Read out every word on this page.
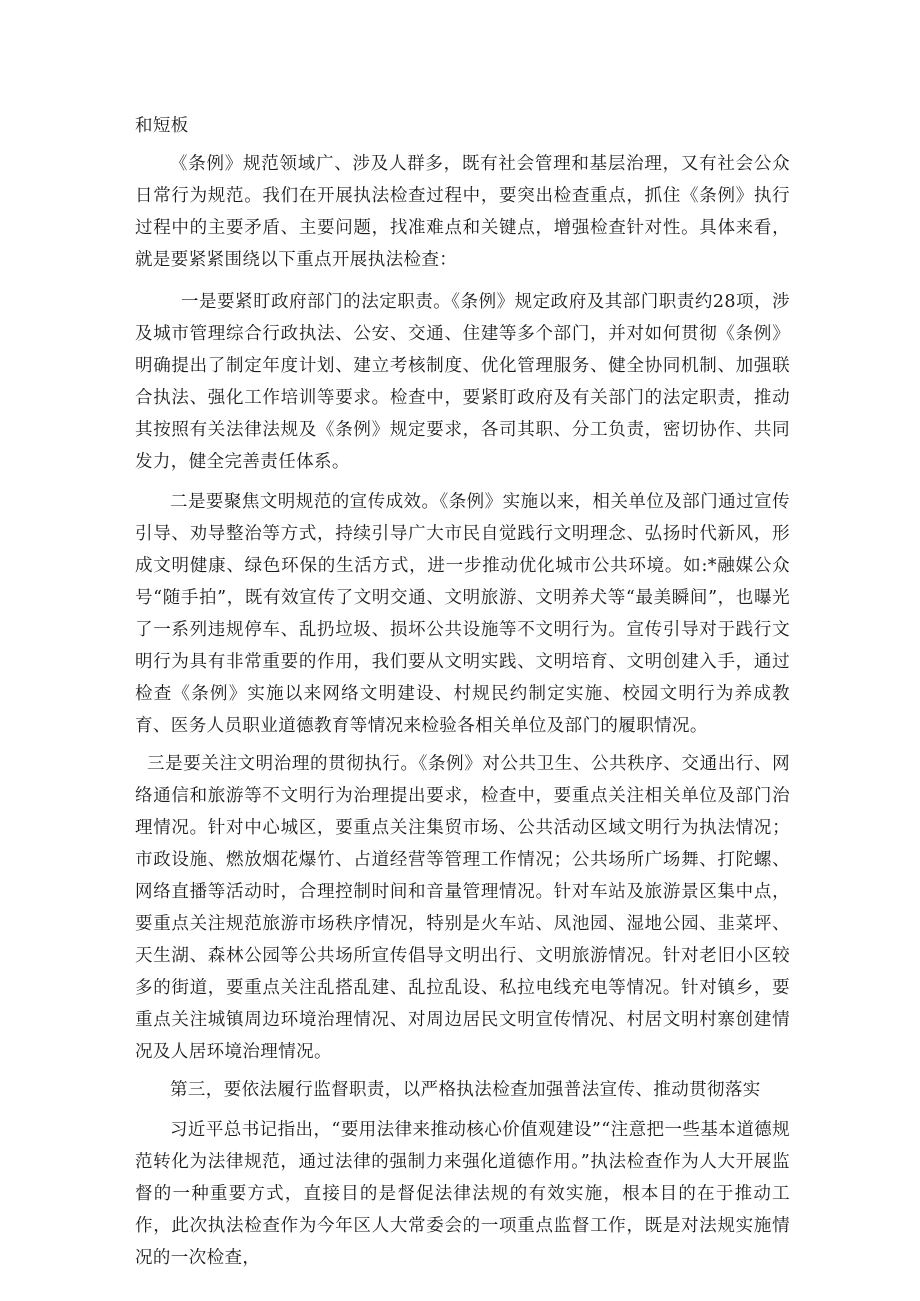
和短板

《条例》规范领域广、涉及人群多，既有社会管理和基层治理，又有社会公众日常行为规范。我们在开展执法检查过程中，要突出检查重点，抓住《条例》执行过程中的主要矛盾、主要问题，找准难点和关键点，增强检查针对性。具体来看，就是要紧紧围绕以下重点开展执法检查：

一是要紧盯政府部门的法定职责。《条例》规定政府及其部门职责约28项，涉及城市管理综合行政执法、公安、交通、住建等多个部门，并对如何贯彻《条例》明确提出了制定年度计划、建立考核制度、优化管理服务、健全协同机制、加强联合执法、强化工作培训等要求。检查中，要紧盯政府及有关部门的法定职责，推动其按照有关法律法规及《条例》规定要求，各司其职、分工负责，密切协作、共同发力，健全完善责任体系。

二是要聚焦文明规范的宣传成效。《条例》实施以来，相关单位及部门通过宣传引导、劝导整治等方式，持续引导广大市民自觉践行文明理念、弘扬时代新风，形成文明健康、绿色环保的生活方式，进一步推动优化城市公共环境。如:*融媒公众号“随手拍”，既有效宣传了文明交通、文明旅游、文明养犬等“最美瞬间”，也曝光了一系列违规停车、乱扔垃圾、损坏公共设施等不文明行为。宣传引导对于践行文明行为具有非常重要的作用，我们要从文明实践、文明培育、文明创建入手，通过检查《条例》实施以来网络文明建设、村规民约制定实施、校园文明行为养成教育、医务人员职业道德教育等情况来检验各相关单位及部门的履职情况。

三是要关注文明治理的贯彻执行。《条例》对公共卫生、公共秩序、交通出行、网络通信和旅游等不文明行为治理提出要求，检查中，要重点关注相关单位及部门治理情况。针对中心城区，要重点关注集贸市场、公共活动区域文明行为执法情况；市政设施、燃放烟花爆竹、占道经营等管理工作情况；公共场所广场舞、打陀螺、网络直播等活动时，合理控制时间和音量管理情况。针对车站及旅游景区集中点，要重点关注规范旅游市场秩序情况，特别是火车站、凤池园、湿地公园、韭菜坪、天生湖、森林公园等公共场所宣传倡导文明出行、文明旅游情况。针对老旧小区较多的街道，要重点关注乱搭乱建、乱拉乱设、私拉电线充电等情况。针对镇乡，要重点关注城镇周边环境治理情况、对周边居民文明宣传情况、村居文明村寨创建情况及人居环境治理情况。

第三，要依法履行监督职责，以严格执法检查加强普法宣传、推动贯彻落实

习近平总书记指出，“要用法律来推动核心价值观建设”“注意把一些基本道德规范转化为法律规范，通过法律的强制力来强化道德作用。”执法检查作为人大开展监督的一种重要方式，直接目的是督促法律法规的有效实施，根本目的在于推动工作，此次执法检查作为今年区人大常委会的一项重点监督工作，既是对法规实施情况的一次检查，
